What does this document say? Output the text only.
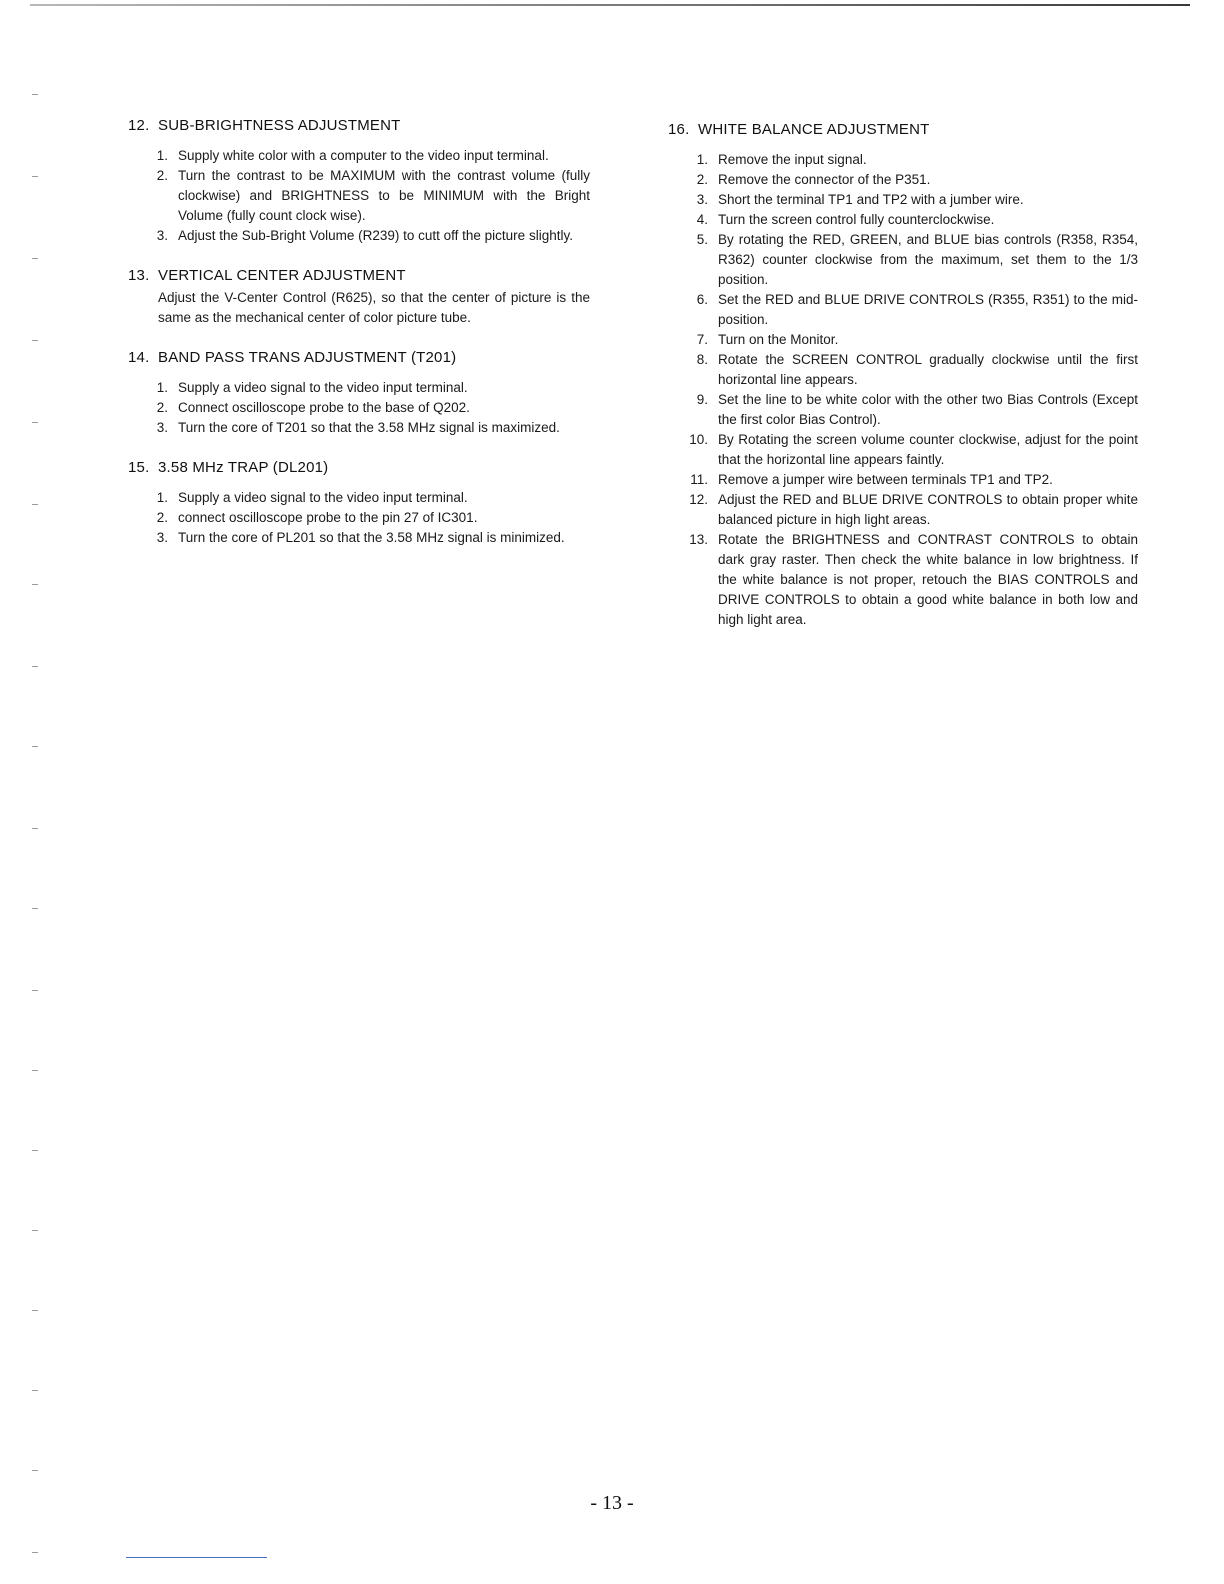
12. SUB-BRIGHTNESS ADJUSTMENT
1. Supply white color with a computer to the video input terminal.
2. Turn the contrast to be MAXIMUM with the contrast volume (fully clockwise) and BRIGHTNESS to be MINIMUM with the Bright Volume (fully count clock wise).
3. Adjust the Sub-Bright Volume (R239) to cutt off the picture slightly.
13. VERTICAL CENTER ADJUSTMENT

Adjust the V-Center Control (R625), so that the center of picture is the same as the mechanical center of color picture tube.

14. BAND PASS TRANS ADJUSTMENT (T201)
1. Supply a video signal to the video input terminal.
2. Connect oscilloscope probe to the base of Q202.
3. Turn the core of T201 so that the 3.58 MHz signal is maximized.
15. 3.58 MHz TRAP (DL201)
1. Supply a video signal to the video input terminal.
2. connect oscilloscope probe to the pin 27 of IC301.
3. Turn the core of PL201 so that the 3.58 MHz signal is minimized.
16. WHITE BALANCE ADJUSTMENT
1. Remove the input signal.
2. Remove the connector of the P351.
3. Short the terminal TP1 and TP2 with a jumber wire.
4. Turn the screen control fully counterclockwise.
5. By rotating the RED, GREEN, and BLUE bias controls (R358, R354, R362) counter clockwise from the maximum, set them to the 1/3 position.
6. Set the RED and BLUE DRIVE CONTROLS (R355, R351) to the mid-position.
7. Turn on the Monitor.
8. Rotate the SCREEN CONTROL gradually clockwise until the first horizontal line appears.
9. Set the line to be white color with the other two Bias Controls (Except the first color Bias Control).
10. By Rotating the screen volume counter clockwise, adjust for the point that the horizontal line appears faintly.
11. Remove a jumper wire between terminals TP1 and TP2.
12. Adjust the RED and BLUE DRIVE CONTROLS to obtain proper white balanced picture in high light areas.
13. Rotate the BRIGHTNESS and CONTRAST CONTROLS to obtain dark gray raster. Then check the white balance in low brightness. If the white balance is not proper, retouch the BIAS CONTROLS and DRIVE CONTROLS to obtain a good white balance in both low and high light area.
- 13 -
